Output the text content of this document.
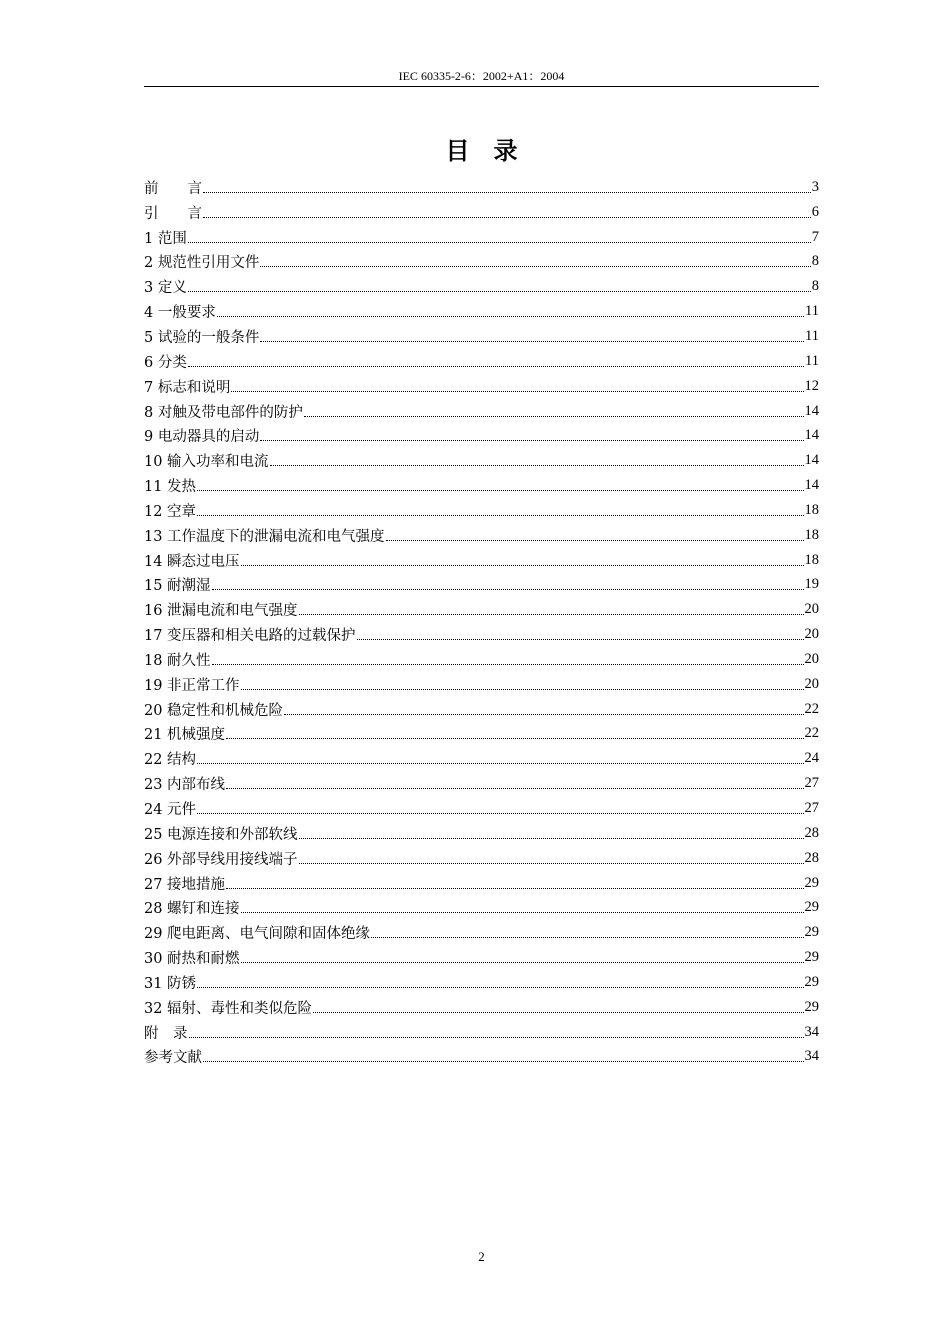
IEC 60335-2-6：2002+A1：2004
目录
前　　言	3
引　　言	6
1 范围	7
2 规范性引用文件	8
3 定义	8
4 一般要求	11
5 试验的一般条件	11
6 分类	11
7 标志和说明	12
8 对触及带电部件的防护	14
9 电动器具的启动	14
10 输入功率和电流	14
11 发热	14
12 空章	18
13 工作温度下的泄漏电流和电气强度	18
14 瞬态过电压	18
15 耐潮湿	19
16 泄漏电流和电气强度	20
17 变压器和相关电路的过载保护	20
18 耐久性	20
19 非正常工作	20
20 稳定性和机械危险	22
21 机械强度	22
22 结构	24
23 内部布线	27
24 元件	27
25 电源连接和外部软线	28
26 外部导线用接线端子	28
27 接地措施	29
28 螺钉和连接	29
29 爬电距离、电气间隙和固体绝缘	29
30 耐热和耐燃	29
31 防锈	29
32 辐射、毒性和类似危险	29
附　录	34
参考文献	34
2
